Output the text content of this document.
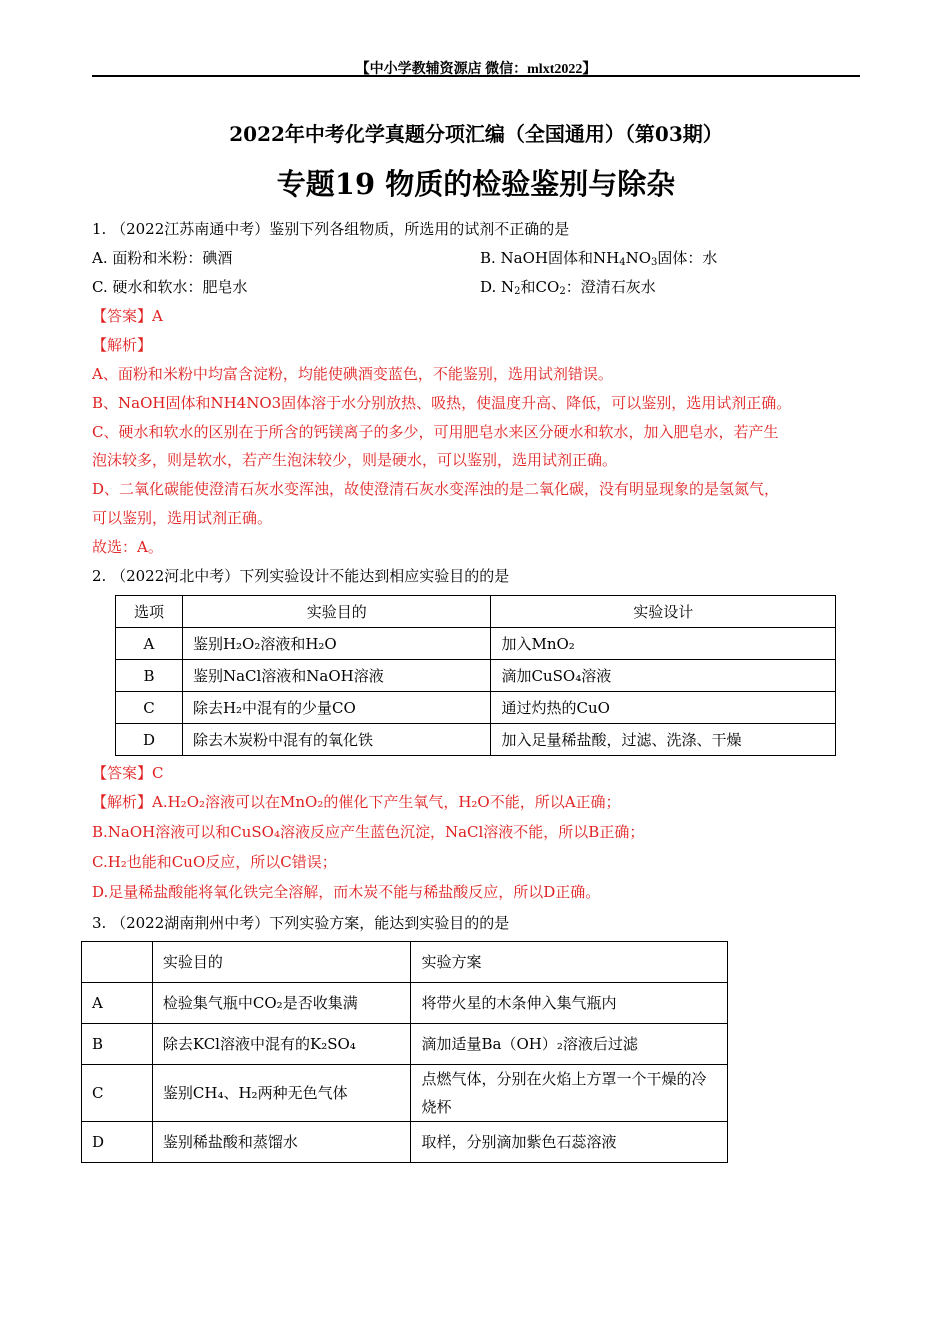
【中小学教辅资源店 微信：mlxt2022】
2022年中考化学真题分项汇编（全国通用）（第03期）
专题19 物质的检验鉴别与除杂
1. （2022江苏南通中考）鉴别下列各组物质，所选用的试剂不正确的是
A. 面粉和米粉：碘酒	B. NaOH固体和$NH_4NO_3$固体：水
C. 硬水和软水：肥皂水	D. $N_2$和$CO_2$：澄清石灰水
【答案】A
【解析】
A、面粉和米粉中均富含淀粉，均能使碘酒变蓝色，不能鉴别，选用试剂错误。
B、NaOH固体和NH4NO3固体溶于水分别放热、吸热，使温度升高、降低，可以鉴别，选用试剂正确。
C、硬水和软水的区别在于所含的钙镁离子的多少，可用肥皂水来区分硬水和软水，加入肥皂水，若产生
泡沫较多，则是软水，若产生泡沫较少，则是硬水，可以鉴别，选用试剂正确。
D、二氧化碳能使澄清石灰水变浑浊，故使澄清石灰水变浑浊的是二氧化碳，没有明显现象的是氢氮气，
可以鉴别，选用试剂正确。
故选：A。
2. （2022河北中考）下列实验设计不能达到相应实验目的的是
选项	实验目的	实验设计
A	鉴别H₂O₂溶液和H₂O	加入MnO₂
B	鉴别NaCl溶液和NaOH溶液	滴加CuSO₄溶液
C	除去H₂中混有的少量CO	通过灼热的CuO
D	除去木炭粉中混有的氧化铁	加入足量稀盐酸，过滤、洗涤、干燥
【答案】C
【解析】A.H₂O₂溶液可以在MnO₂的催化下产生氧气，H₂O不能，所以A正确；
B.NaOH溶液可以和CuSO₄溶液反应产生蓝色沉淀，NaCl溶液不能，所以B正确；
C.H₂也能和CuO反应，所以C错误；
D.足量稀盐酸能将氧化铁完全溶解，而木炭不能与稀盐酸反应，所以D正确。
3. （2022湖南荆州中考）下列实验方案，能达到实验目的的是
	实验目的	实验方案
A	检验集气瓶中CO₂是否收集满	将带火星的木条伸入集气瓶内
B	除去KCl溶液中混有的K₂SO₄	滴加适量Ba（OH）₂溶液后过滤
C	鉴别CH₄、H₂两种无色气体	点燃气体，分别在火焰上方罩一个干燥的冷烧杯
D	鉴别稀盐酸和蒸馏水	取样，分别滴加紫色石蕊溶液
